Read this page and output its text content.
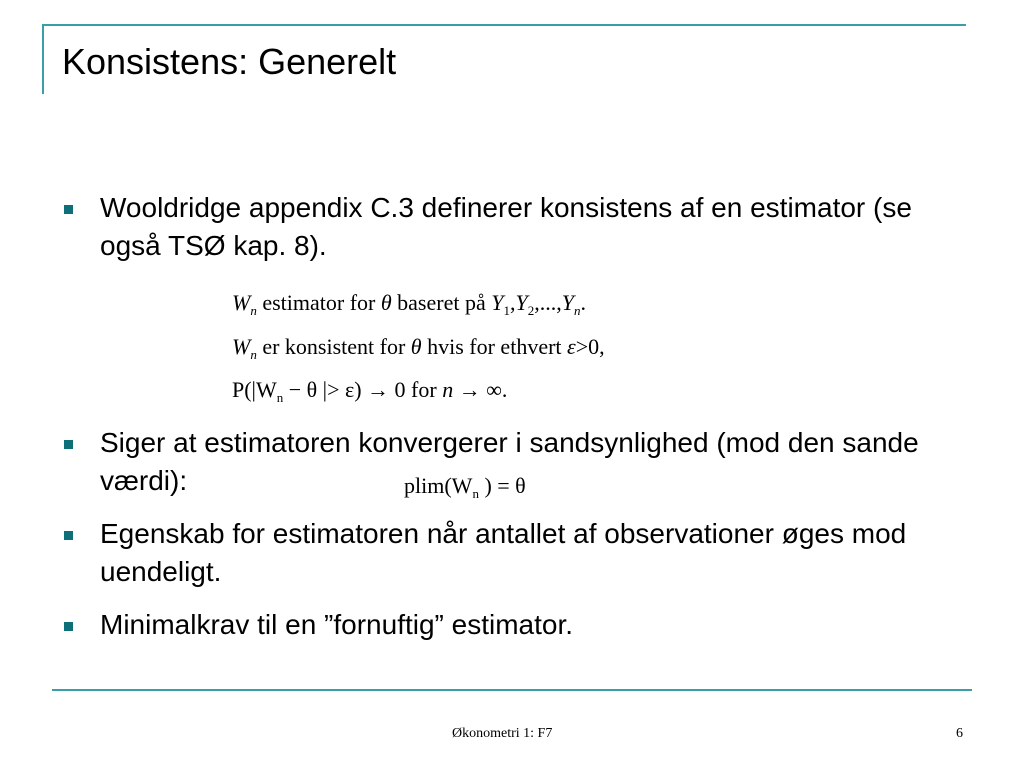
Konsistens: Generelt
Wooldridge appendix C.3 definerer konsistens af en estimator (se også TSØ kap. 8).
$W_n$ estimator for θ baseret på $Y_1,Y_2,...,Y_n$.
$W_n$ er konsistent for θ hvis for ethvert ε>0,
$P(|W_n - \theta$ |> ε) → 0 for n → ∞.
Siger at estimatoren konvergerer i sandsynlighed (mod den sande værdi):	$plim(W_n$ ) = θ
Egenskab for estimatoren når antallet af observationer øges mod uendeligt.
Minimalkrav til en ”fornuftig” estimator.
Økonometri 1: F7	6
